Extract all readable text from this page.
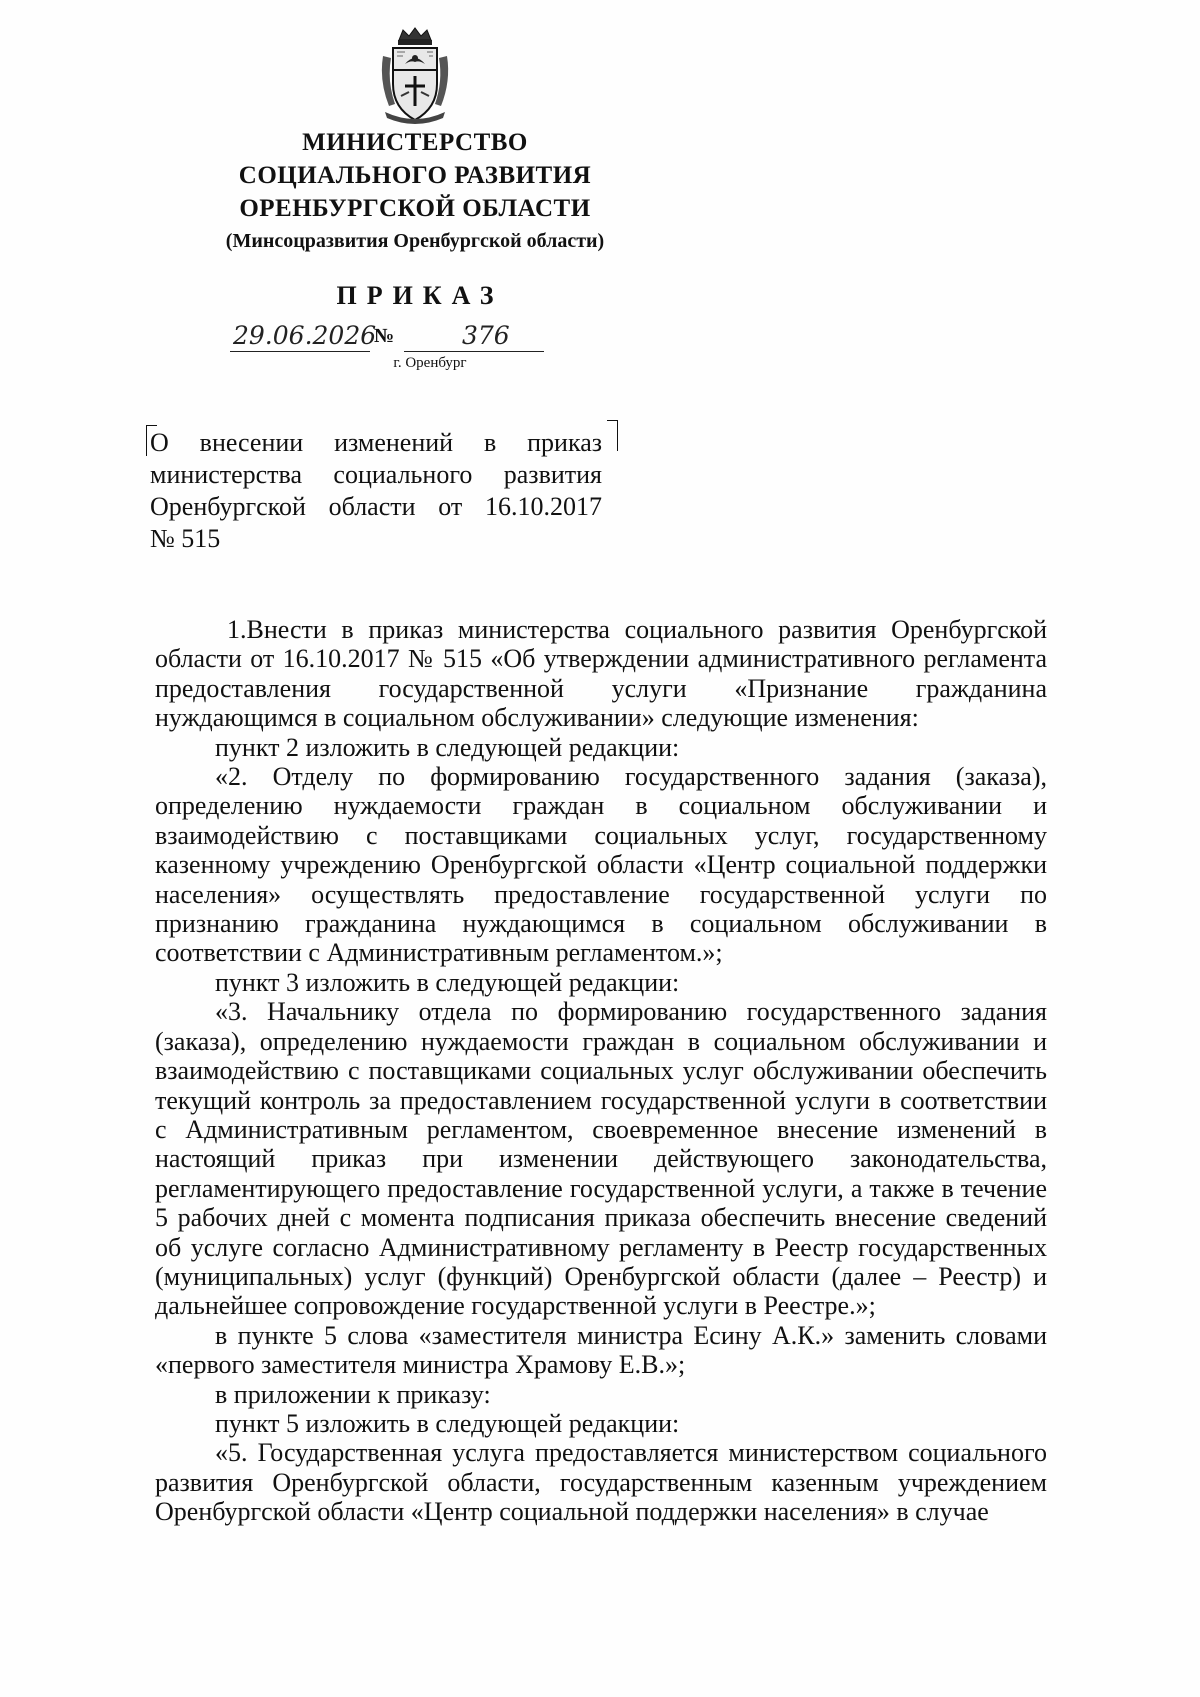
МИНИСТЕРСТВО
СОЦИАЛЬНОГО РАЗВИТИЯ
ОРЕНБУРГСКОЙ ОБЛАСТИ
(Минсоцразвития Оренбургской области)
ПРИКАЗ
29.06.2026
№	376
г. Оренбург
О внесении изменений в приказ
министерства социального развития
Оренбургской области от 16.10.2017
№ 515

1.Внести в приказ министерства социального развития Оренбургской области от 16.10.2017 № 515 «Об утверждении административного регламента предоставления государственной услуги «Признание гражданина нуждающимся в социальном обслуживании» следующие изменения:

пункт 2 изложить в следующей редакции:

«2. Отделу по формированию государственного задания (заказа), определению нуждаемости граждан в социальном обслуживании и взаимодействию с поставщиками социальных услуг, государственному казенному учреждению Оренбургской области «Центр социальной поддержки населения» осуществлять предоставление государственной услуги по признанию гражданина нуждающимся в социальном обслуживании в соответствии с Административным регламентом.»;

пункт 3 изложить в следующей редакции:

«3. Начальнику отдела по формированию государственного задания (заказа), определению нуждаемости граждан в социальном обслуживании и взаимодействию с поставщиками социальных услуг обслуживании обеспечить текущий контроль за предоставлением государственной услуги в соответствии с Административным регламентом, своевременное внесение изменений в настоящий приказ при изменении действующего законодательства, регламентирующего предоставление государственной услуги, а также в течение 5 рабочих дней с момента подписания приказа обеспечить внесение сведений об услуге согласно Административному регламенту в Реестр государственных (муниципальных) услуг (функций) Оренбургской области (далее – Реестр) и дальнейшее сопровождение государственной услуги в Реестре.»;

в пункте 5 слова «заместителя министра Есину А.К.» заменить словами «первого заместителя министра Храмову Е.В.»;

в приложении к приказу:

пункт 5 изложить в следующей редакции:

«5. Государственная услуга предоставляется министерством социального развития Оренбургской области, государственным казенным учреждением Оренбургской области «Центр социальной поддержки населения» в случае
